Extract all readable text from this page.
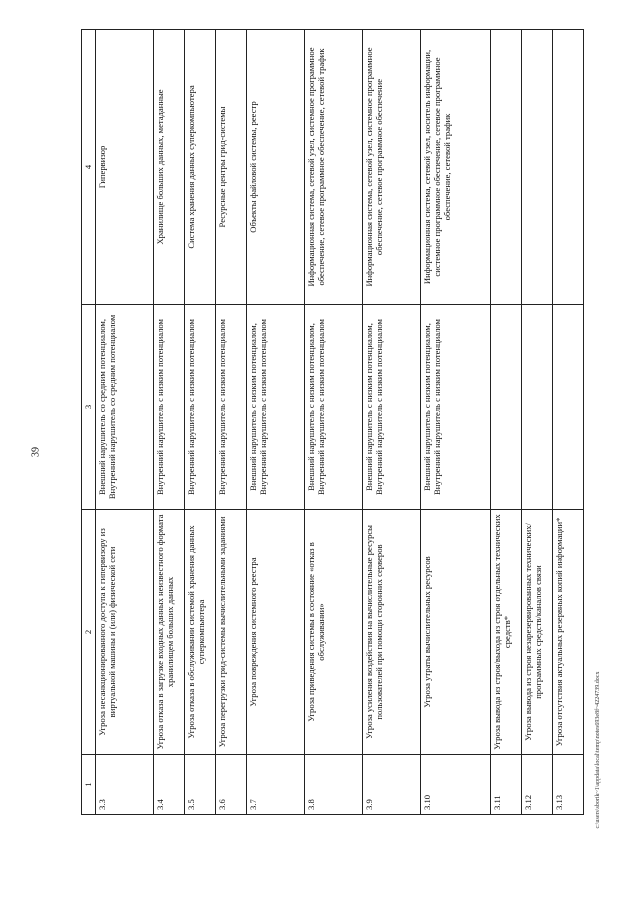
39
1	2	3	4
3.3	Угроза несанкционированного доступа к гипервизору из виртуальной машины и (или) физической сети	Внешний нарушитель со средним потенциалом, Внутренний нарушитель со средним потенциалом	Гипервизор
3.4	Угроза отказа в загрузке входных данных неизвестного формата хранилищем больших данных	Внутренний нарушитель с низким потенциалом	Хранилище больших данных, метаданные
3.5	Угроза отказа в обслуживании системой хранения данных суперкомпьютера	Внутренний нарушитель с низким потенциалом	Система хранения данных суперкомпьютера
3.6	Угроза перегрузки грид-системы вычислительными заданиями	Внутренний нарушитель с низким потенциалом	Ресурсные центры грид-системы
3.7	Угроза повреждения системного реестра	Внешний нарушитель с низким потенциалом, Внутренний нарушитель с низким потенциалом	Объекты файловой системы, реестр
3.8	Угроза приведения системы в состояние «отказ в обслуживании»	Внешний нарушитель с низким потенциалом, Внутренний нарушитель с низким потенциалом	Информационная система, сетевой узел, системное программное обеспечение, сетевое программное обеспечение, сетевой трафик
3.9	Угроза усиления воздействия на вычислительные ресурсы пользователей при помощи сторонних серверов	Внешний нарушитель с низким потенциалом, Внутренний нарушитель с низким потенциалом	Информационная система, сетевой узел, системное программное обеспечение, сетевое программное обеспечение
3.10	Угроза утраты вычислительных ресурсов	Внешний нарушитель с низким потенциалом, Внутренний нарушитель с низким потенциалом	Информационная система, сетевой узел, носитель информации, системное программное обеспечение, сетевое программное обеспечение, сетевой трафик
3.11	Угроза вывода из строя/выхода из строя отдельных технических средств*		
3.12	Угроза вывода из строя незарезервированных технических/программных средств/каналов связи		
3.13	Угроза отсутствия актуальных резервных копий информации*		
c:\users\sborik~1\appdata\local\temp\notes693e8f~4224739.docx
